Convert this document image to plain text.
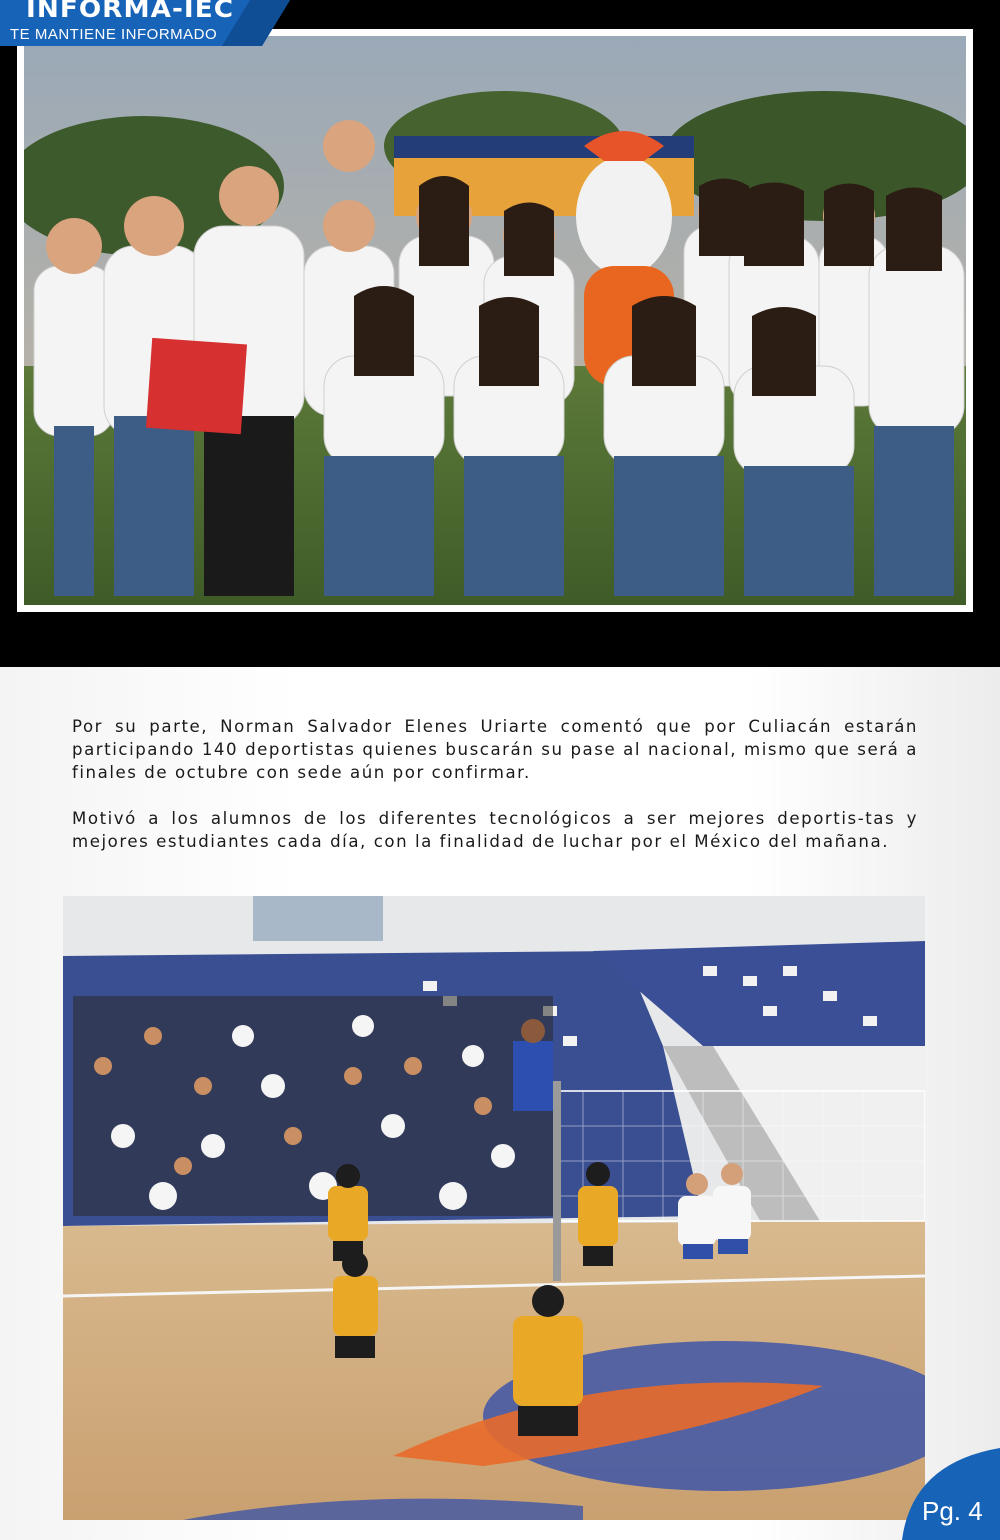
INFORMA-IEC
TE MANTIENE INFORMADO

Por su parte, Norman Salvador Elenes Uriarte comentó que por Culiacán estarán participando 140 deportistas quienes buscarán su pase al nacional, mismo que será a finales de octubre con sede aún por confirmar.

Motivó a los alumnos de los diferentes tecnológicos a ser mejores deportis-tas y mejores estudiantes cada día, con la finalidad de luchar por el México del mañana.

Pg. 4
